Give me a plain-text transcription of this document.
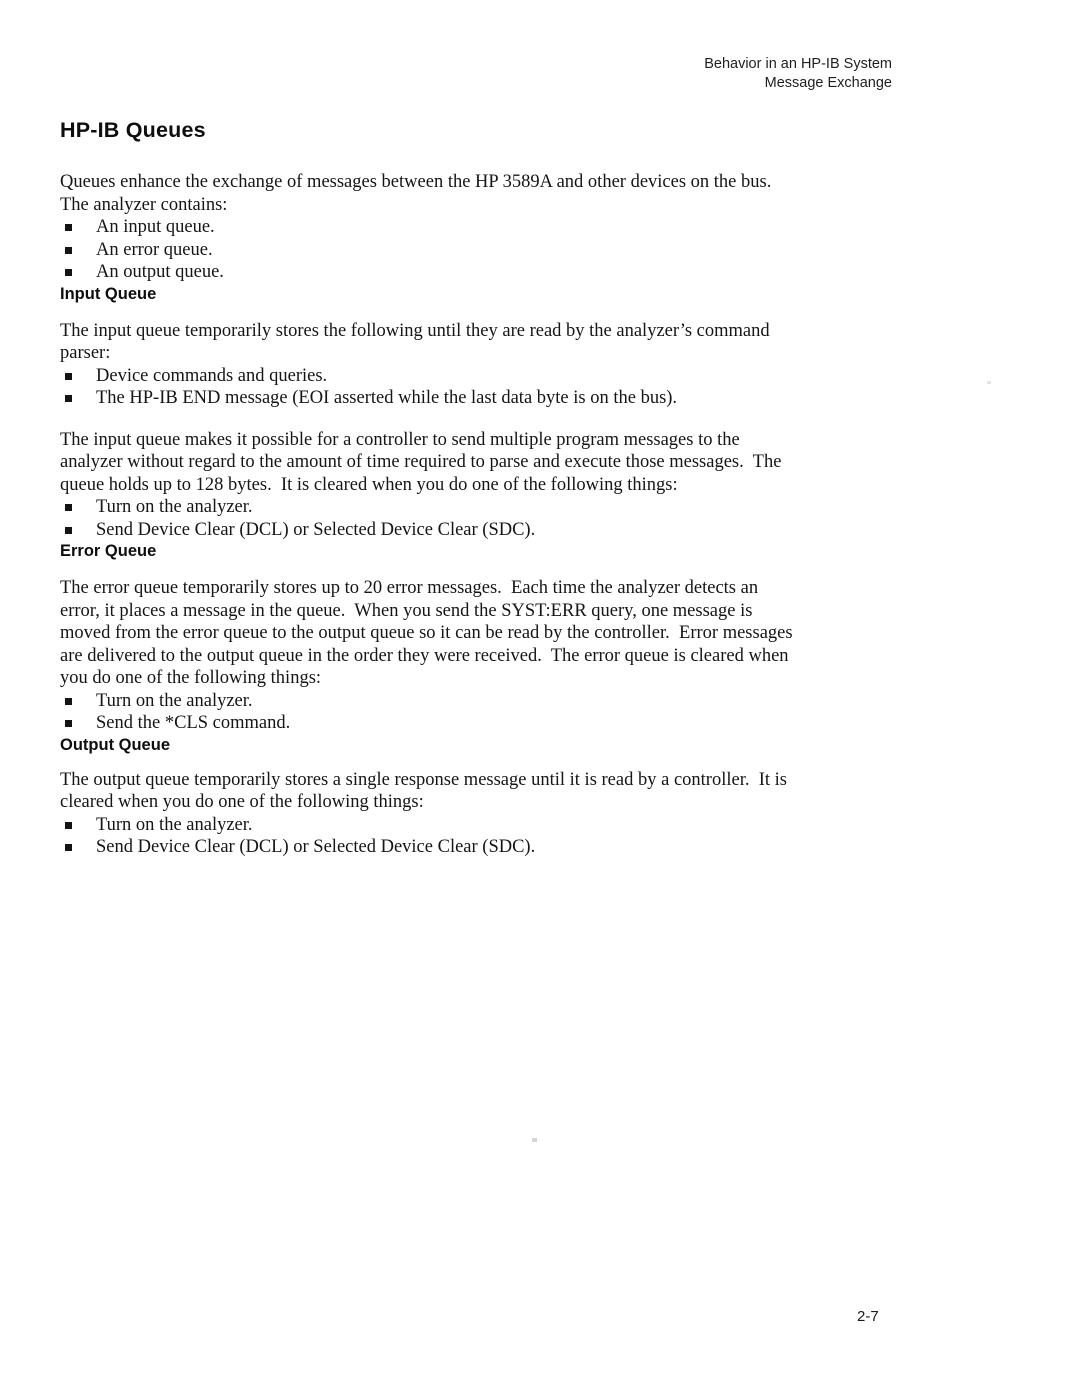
Behavior in an HP-IB System
Message Exchange
HP-IB Queues
Queues enhance the exchange of messages between the HP 3589A and other devices on the bus.
The analyzer contains:
An input queue.
An error queue.
An output queue.
Input Queue
The input queue temporarily stores the following until they are read by the analyzer’s command
parser:
Device commands and queries.
The HP-IB END message (EOI asserted while the last data byte is on the bus).
The input queue makes it possible for a controller to send multiple program messages to the
analyzer without regard to the amount of time required to parse and execute those messages.  The
queue holds up to 128 bytes.  It is cleared when you do one of the following things:
Turn on the analyzer.
Send Device Clear (DCL) or Selected Device Clear (SDC).
Error Queue
The error queue temporarily stores up to 20 error messages.  Each time the analyzer detects an
error, it places a message in the queue.  When you send the SYST:ERR query, one message is
moved from the error queue to the output queue so it can be read by the controller.  Error messages
are delivered to the output queue in the order they were received.  The error queue is cleared when
you do one of the following things:
Turn on the analyzer.
Send the *CLS command.
Output Queue
The output queue temporarily stores a single response message until it is read by a controller.  It is
cleared when you do one of the following things:
Turn on the analyzer.
Send Device Clear (DCL) or Selected Device Clear (SDC).
2-7
